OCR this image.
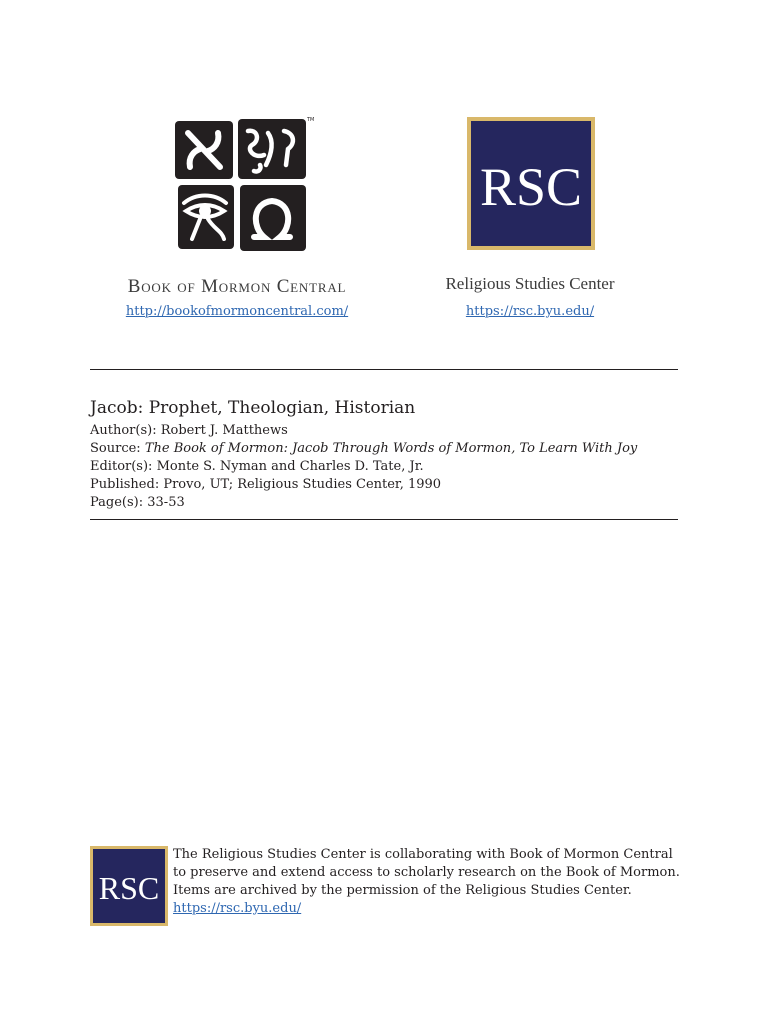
TM
Book of Mormon Central
http://bookofmormoncentral.com/
RSC
Religious Studies Center
https://rsc.byu.edu/
Jacob: Prophet, Theologian, Historian
Author(s): Robert J. Matthews
Source: The Book of Mormon: Jacob Through Words of Mormon, To Learn With Joy
Editor(s): Monte S. Nyman and Charles D. Tate, Jr.
Published: Provo, UT; Religious Studies Center, 1990
Page(s): 33-53
RSC
The Religious Studies Center is collaborating with Book of Mormon Central
to preserve and extend access to scholarly research on the Book of Mormon.
Items are archived by the permission of the Religious Studies Center.
https://rsc.byu.edu/
